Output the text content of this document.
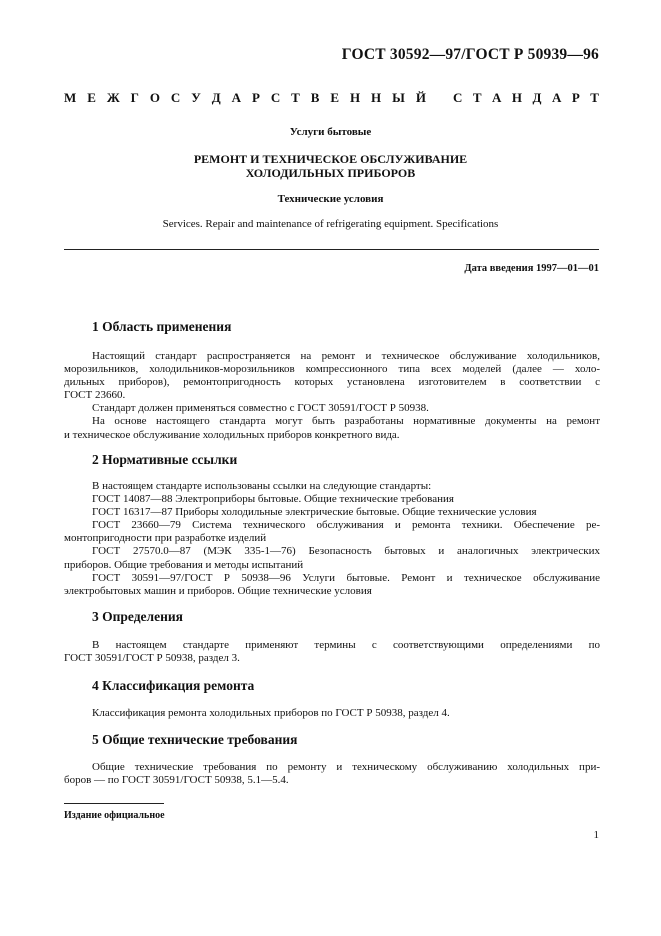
ГОСТ 30592—97/ГОСТ Р 50939—96
М Е Ж Г О С У Д А Р С Т В Е Н Н Ы Й С Т А Н Д А Р Т
Услуги бытовые
РЕМОНТ И ТЕХНИЧЕСКОЕ ОБСЛУЖИВАНИЕ
ХОЛОДИЛЬНЫХ ПРИБОРОВ
Технические условия
Services. Repair and maintenance of refrigerating equipment. Specifications
Дата введения 1997—01—01
1 Область применения
Настоящий стандарт распространяется на ремонт и техническое обслуживание холодильников,
морозильников, холодильников-морозильников компрессионного типа всех моделей (далее — холо-
дильных приборов), ремонтопригодность которых установлена изготовителем в соответствии с
ГОСТ 23660.
Стандарт должен применяться совместно с ГОСТ 30591/ГОСТ Р 50938.
На основе настоящего стандарта могут быть разработаны нормативные документы на ремонт
и техническое обслуживание холодильных приборов конкретного вида.
2 Нормативные ссылки
В настоящем стандарте использованы ссылки на следующие стандарты:
ГОСТ 14087—88 Электроприборы бытовые. Общие технические требования
ГОСТ 16317—87 Приборы холодильные электрические бытовые. Общие технические условия
ГОСТ 23660—79 Система технического обслуживания и ремонта техники. Обеспечение ре-
монтопригодности при разработке изделий
ГОСТ 27570.0—87 (МЭК 335-1—76) Безопасность бытовых и аналогичных электрических
приборов. Общие требования и методы испытаний
ГОСТ 30591—97/ГОСТ Р 50938—96 Услуги бытовые. Ремонт и техническое обслуживание
электробытовых машин и приборов. Общие технические условия
3 Определения
В настоящем стандарте применяют термины с соответствующими определениями по
ГОСТ 30591/ГОСТ Р 50938, раздел 3.
4 Классификация ремонта
Классификация ремонта холодильных приборов по ГОСТ Р 50938, раздел 4.
5 Общие технические требования
Общие технические требования по ремонту и техническому обслуживанию холодильных при-
боров — по ГОСТ 30591/ГОСТ 50938, 5.1—5.4.
Издание официальное
1
